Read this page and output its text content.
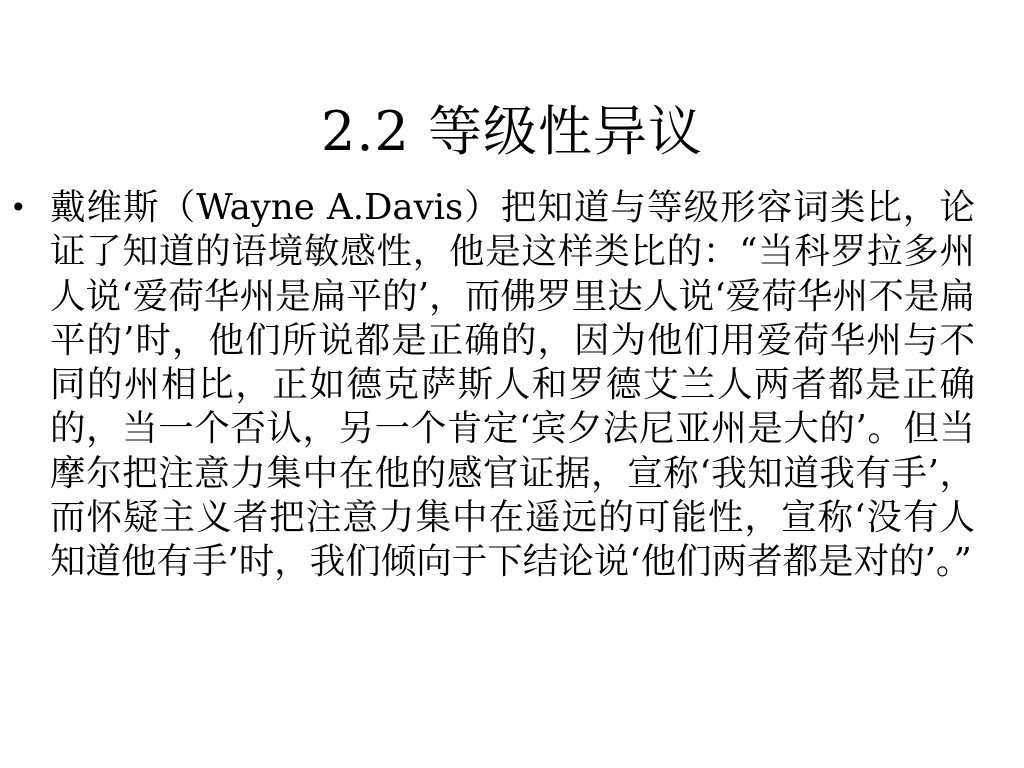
2.2 等级性异议
• 戴维斯（Wayne A.Davis）把知道与等级形容词类比，论证了知道的语境敏感性，他是这样类比的：“当科罗拉多州人说‘爱荷华州是扁平的’，而佛罗里达人说‘爱荷华州不是扁平的’时，他们所说都是正确的，因为他们用爱荷华州与不同的州相比，正如德克萨斯人和罗德艾兰人两者都是正确的，当一个否认，另一个肯定‘宾夕法尼亚州是大的’。但当摩尔把注意力集中在他的感官证据，宣称‘我知道我有手’，而怀疑主义者把注意力集中在遥远的可能性，宣称‘没有人知道他有手’时，我们倾向于下结论说‘他们两者都是对的’。”
